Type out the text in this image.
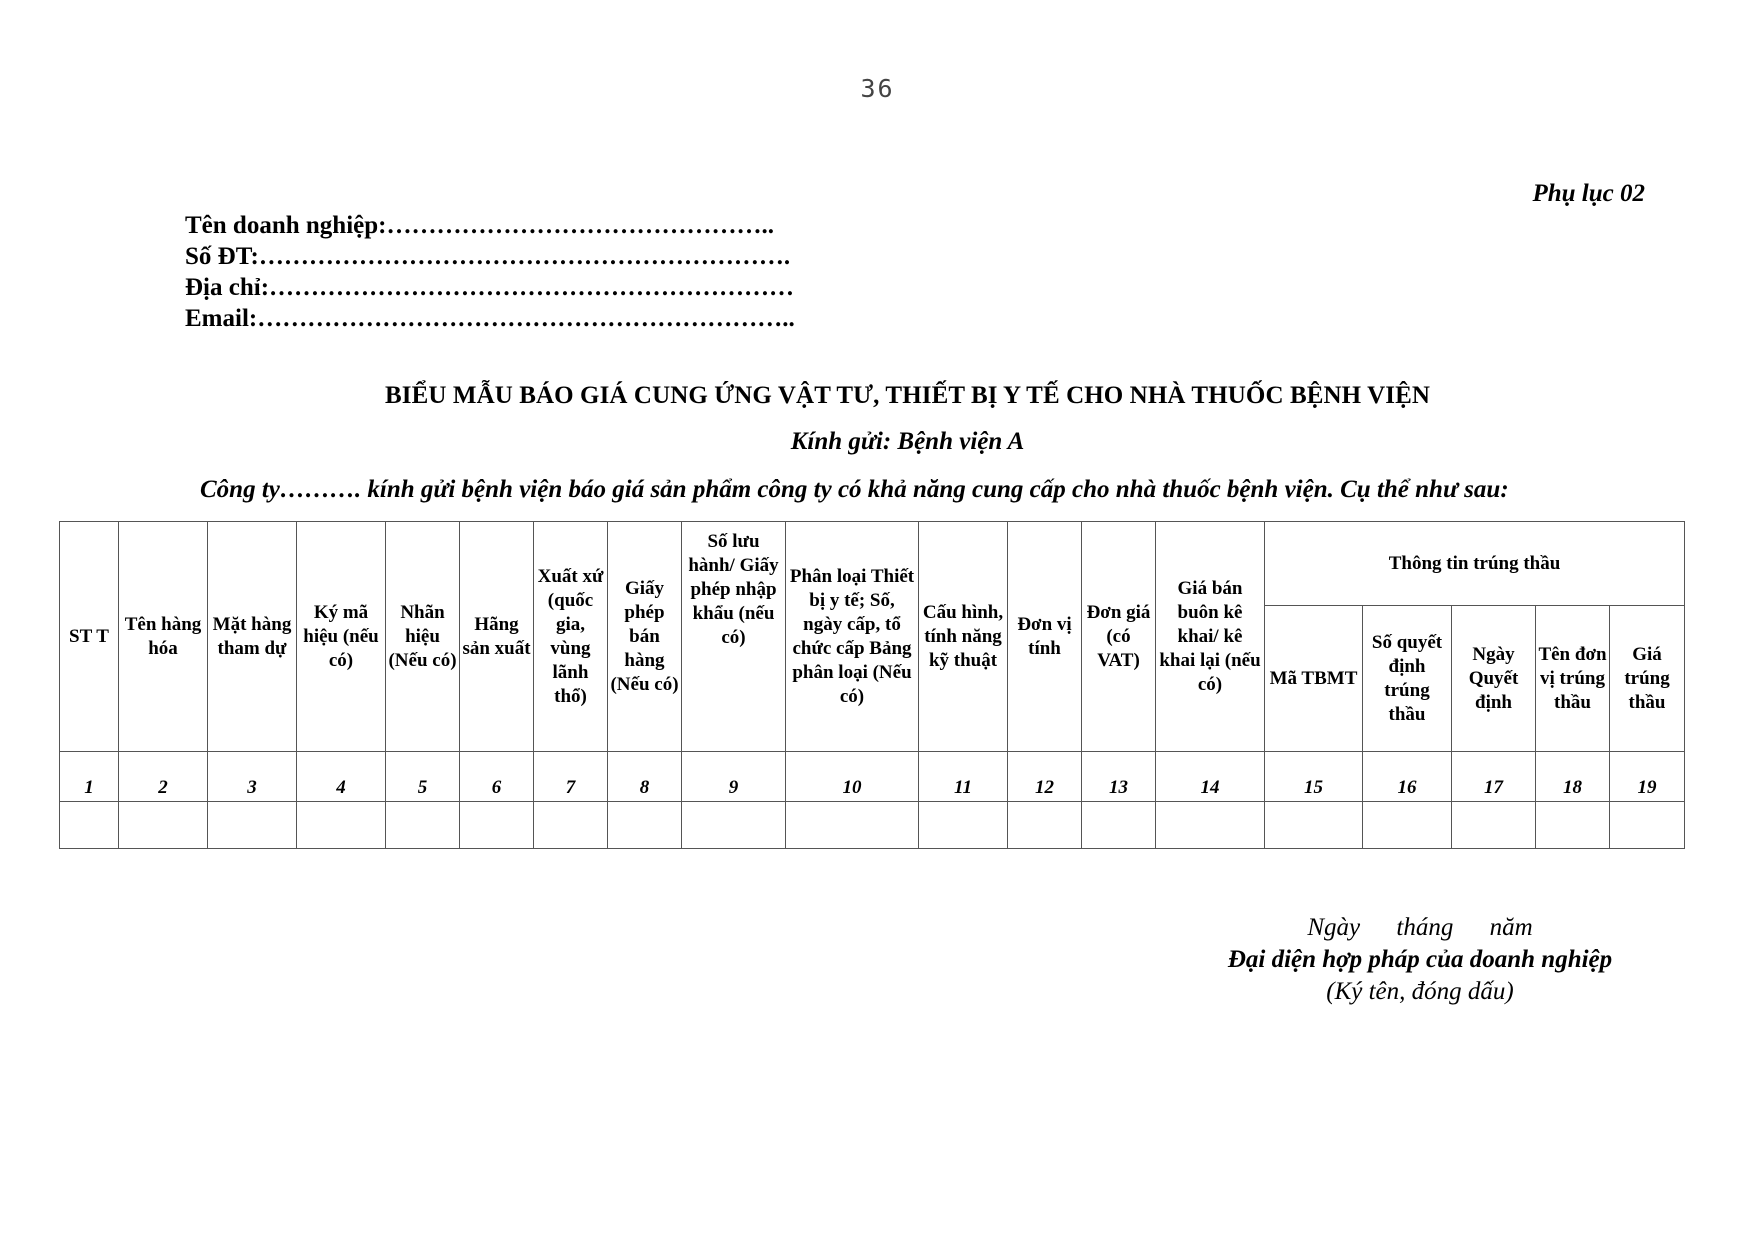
36
Phụ lục 02
Tên doanh nghiệp:………………………………………..
Số ĐT:……………………………………………………….
Địa chỉ:………………………………………………………
Email:………………………………………………………..
BIỂU MẪU BÁO GIÁ CUNG ỨNG VẬT TƯ, THIẾT BỊ Y TẾ CHO NHÀ THUỐC BỆNH VIỆN
Kính gửi: Bệnh viện A
Công ty………. kính gửi bệnh viện báo giá sản phẩm công ty có khả năng cung cấp cho nhà thuốc bệnh viện. Cụ thể như sau:
ST T	Tên hàng hóa	Mặt hàng tham dự	Ký mã hiệu (nếu có)	Nhãn hiệu (Nếu có)	Hãng sản xuất	Xuất xứ (quốc gia, vùng lãnh thổ)	Giấy phép bán hàng (Nếu có)	Số lưu hành/ Giấy phép nhập khẩu (nếu có)	Phân loại Thiết bị y tế; Số, ngày cấp, tổ chức cấp Bảng phân loại (Nếu có)	Cấu hình, tính năng kỹ thuật	Đơn vị tính	Đơn giá (có VAT)	Giá bán buôn kê khai/ kê khai lại (nếu có)	Thông tin trúng thầu				
														Mã TBMT	Số quyết định trúng thầu	Ngày Quyết định	Tên đơn vị trúng thầu	Giá trúng thầu
1	2	3	4	5	6	7	8	9	10	11	12	13	14	15	16	17	18	19

Ngày tháng năm
Đại diện hợp pháp của doanh nghiệp
(Ký tên, đóng dấu)
